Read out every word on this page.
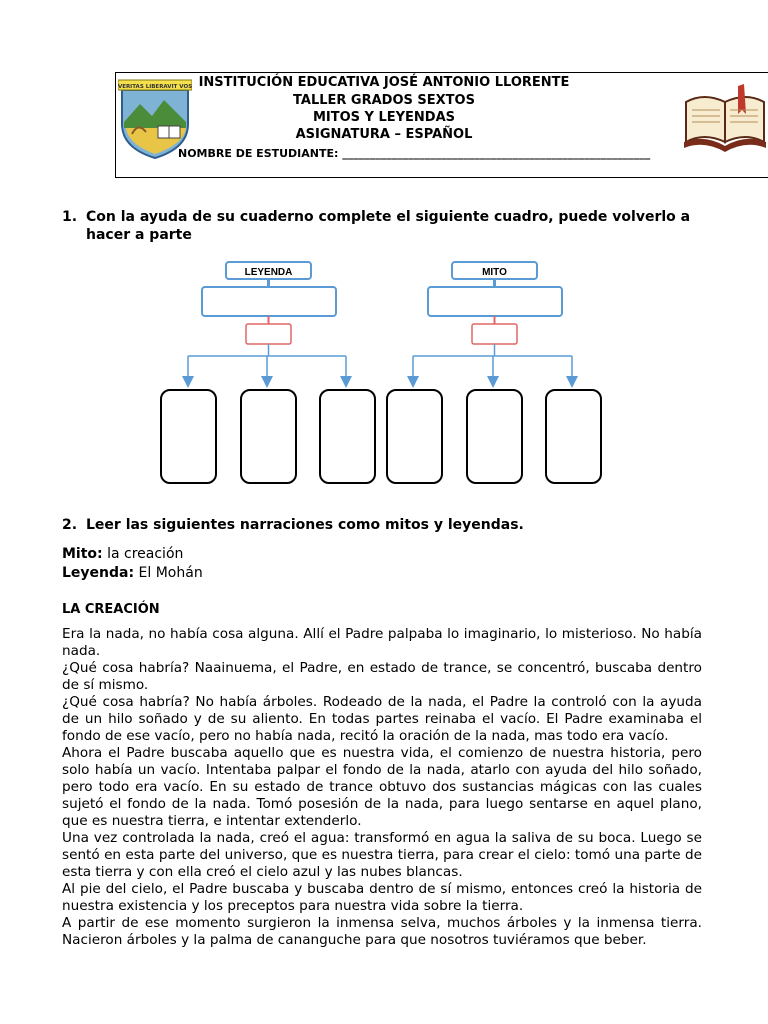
VERITAS LIBERAVIT VOS INSTITUCIÓN EDUCATIVA JOSÉ ANTONIO LLORENTE
TALLER GRADOS SEXTOS
MITOS Y LEYENDAS
ASIGNATURA – ESPAÑOL
NOMBRE DE ESTUDIANTE: ________________________________________________________
1. Con la ayuda de su cuaderno complete el siguiente cuadro, puede volverlo a hacer a parte
LEYENDA	MITO
2. Leer las siguientes narraciones como mitos y leyendas.
Mito: la creación
Leyenda: El Mohán
LA CREACIÓN

Era la nada, no había cosa alguna. Allí el Padre palpaba lo imaginario, lo misterioso. No había nada.

¿Qué cosa habría? Naainuema, el Padre, en estado de trance, se concentró, buscaba dentro de sí mismo.

¿Qué cosa habría? No había árboles. Rodeado de la nada, el Padre la controló con la ayuda de un hilo soñado y de su aliento. En todas partes reinaba el vacío. El Padre examinaba el fondo de ese vacío, pero no había nada, recitó la oración de la nada, mas todo era vacío.

Ahora el Padre buscaba aquello que es nuestra vida, el comienzo de nuestra historia, pero solo había un vacío. Intentaba palpar el fondo de la nada, atarlo con ayuda del hilo soñado, pero todo era vacío. En su estado de trance obtuvo dos sustancias mágicas con las cuales sujetó el fondo de la nada. Tomó posesión de la nada, para luego sentarse en aquel plano, que es nuestra tierra, e intentar extenderlo.

Una vez controlada la nada, creó el agua: transformó en agua la saliva de su boca. Luego se sentó en esta parte del universo, que es nuestra tierra, para crear el cielo: tomó una parte de esta tierra y con ella creó el cielo azul y las nubes blancas.

Al pie del cielo, el Padre buscaba y buscaba dentro de sí mismo, entonces creó la historia de nuestra existencia y los preceptos para nuestra vida sobre la tierra.

A partir de ese momento surgieron la inmensa selva, muchos árboles y la inmensa tierra. Nacieron árboles y la palma de cananguche para que nosotros tuviéramos que beber.
